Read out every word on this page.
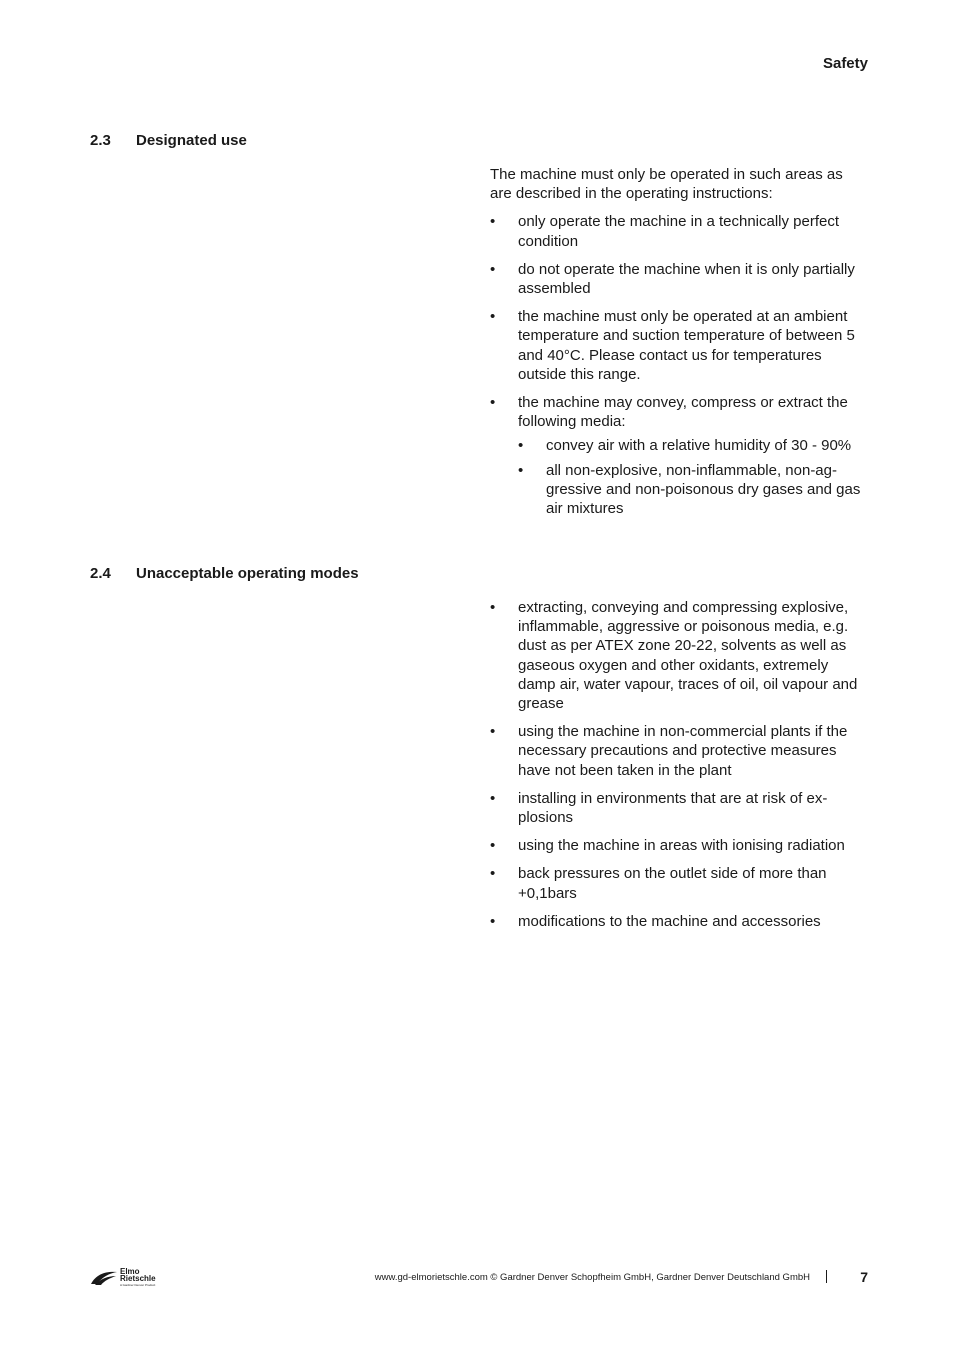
Safety
2.3 Designated use

The machine must only be operated in such areas as are described in the operating instructions:

• only operate the machine in a technically perfect condition
• do not operate the machine when it is only partially assembled
• the machine must only be operated at an ambient temperature and suction temperature of between 5 and 40°C. Please contact us for temperatures outside this range.
• the machine may convey, compress or extract the following media:
• convey air with a relative humidity of 30 - 90%
• all non-explosive, non-inflammable, non-aggressive and non-poisonous dry gases and gas air mixtures
2.4 Unacceptable operating modes
• extracting, conveying and compressing explosive, inflammable, aggressive or poisonous media, e.g. dust as per ATEX zone 20-22, solvents as well as gaseous oxygen and other oxidants, extremely damp air, water vapour, traces of oil, oil vapour and grease
• using the machine in non-commercial plants if the necessary precautions and protective measures have not been taken in the plant
• installing in environments that are at risk of explosions
• using the machine in areas with ionising radiation
• back pressures on the outlet side of more than +0,1bars
• modifications to the machine and accessories
Elmo
Rietschle
A Gardner Denver Product
www.gd-elmorietschle.com © Gardner Denver Schopfheim GmbH, Gardner Denver Deutschland GmbH	7
